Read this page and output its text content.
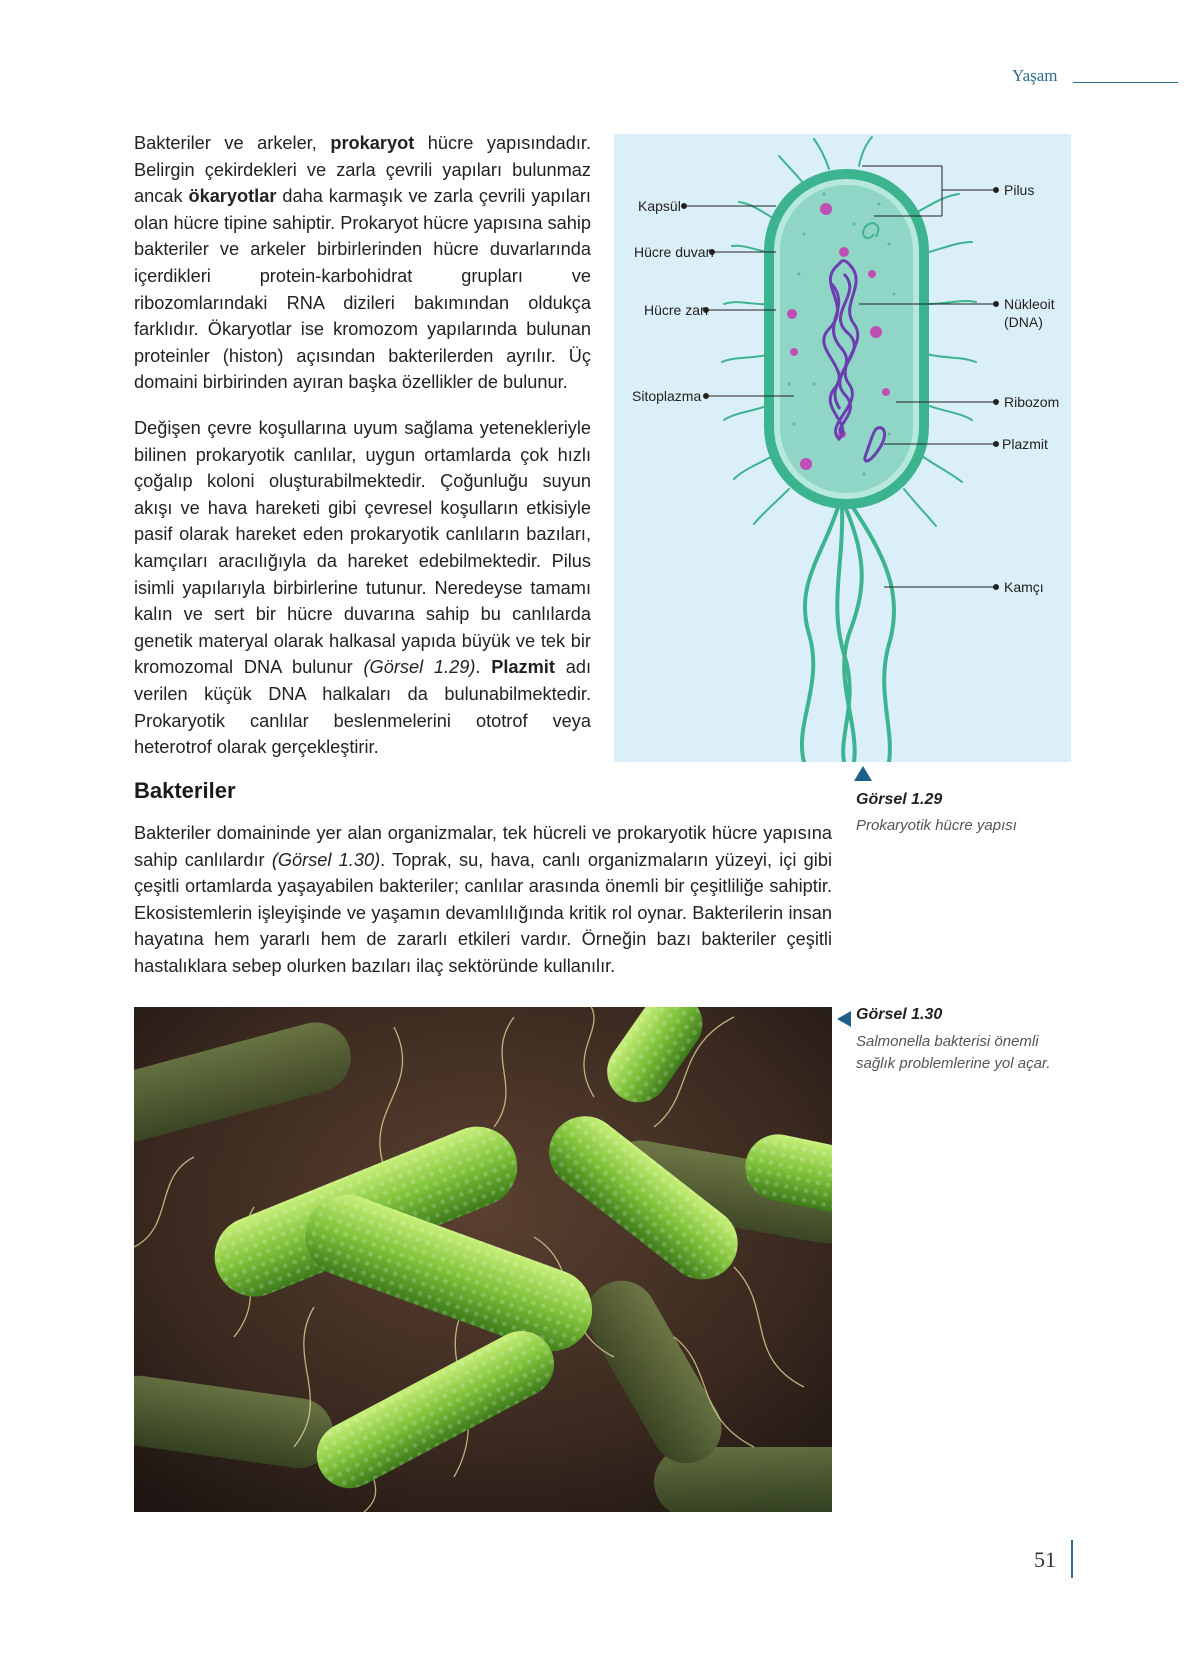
Yaşam

Bakteriler ve arkeler, prokaryot hücre yapısındadır. Belirgin çekirdekleri ve zarla çevrili yapıları bulunmaz ancak ökaryotlar daha karmaşık ve zarla çevrili yapıları olan hücre tipine sahiptir. Prokaryot hücre yapısına sahip bakteriler ve arkeler birbirlerinden hücre duvarlarında içerdikleri protein-karbohidrat grupları ve ribozomlarındaki RNA dizileri bakımından oldukça farklıdır. Ökaryotlar ise kromozom yapılarında bulunan proteinler (histon) açısından bakterilerden ayrılır. Üç domaini birbirinden ayıran başka özellikler de bulunur.

Değişen çevre koşullarına uyum sağlama yetenekleriyle bilinen prokaryotik canlılar, uygun ortamlarda çok hızlı çoğalıp koloni oluşturabilmektedir. Çoğunluğu suyun akışı ve hava hareketi gibi çevresel koşulların etkisiyle pasif olarak hareket eden prokaryotik canlıların bazıları, kamçıları aracılığıyla da hareket edebilmektedir. Pilus isimli yapılarıyla birbirlerine tutunur. Neredeyse tamamı kalın ve sert bir hücre duvarına sahip bu canlılarda genetik materyal olarak halkasal yapıda büyük ve tek bir kromozomal DNA bulunur (Görsel 1.29). Plazmit adı verilen küçük DNA halkaları da bulunabilmektedir. Prokaryotik canlılar beslenmelerini ototrof veya heterotrof olarak gerçekleştirir.

Bakteriler

Bakteriler domaininde yer alan organizmalar, tek hücreli ve prokaryotik hücre yapısına sahip canlılardır (Görsel 1.30). Toprak, su, hava, canlı organizmaların yüzeyi, içi gibi çeşitli ortamlarda yaşayabilen bakteriler; canlılar arasında önemli bir çeşitliliğe sahiptir. Ekosistemlerin işleyişinde ve yaşamın devamlılığında kritik rol oynar. Bakterilerin insan hayatına hem yararlı hem de zararlı etkileri vardır. Örneğin bazı bakteriler çeşitli hastalıklara sebep olurken bazıları ilaç sektöründe kullanılır.

Kapsül
Hücre duvarı
Hücre zarı
Sitoplazma
Pilus
Nükleoit
(DNA)
Ribozom
Plazmit
Kamçı
Görsel 1.29
Prokaryotik hücre yapısı
Görsel 1.30
Salmonella bakterisi önemli
sağlık problemlerine yol açar.
51
